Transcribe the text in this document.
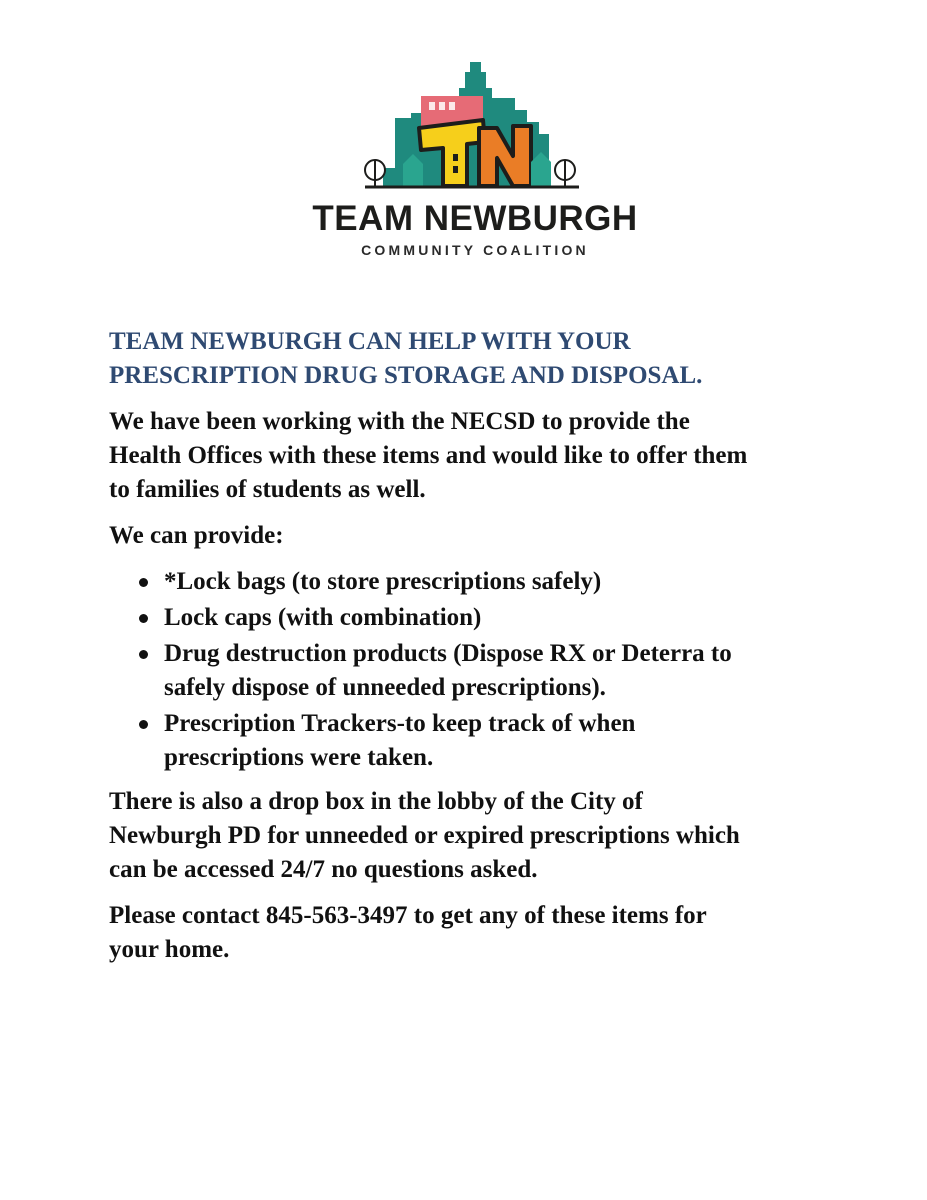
TEAM NEWBURGH
COMMUNITY COALITION
TEAM NEWBURGH CAN HELP WITH YOUR
PRESCRIPTION DRUG STORAGE AND DISPOSAL.

We have been working with the NECSD to provide the
Health Offices with these items and would like to offer them
to families of students as well.

We can provide:

*Lock bags (to store prescriptions safely)
Lock caps (with combination)
Drug destruction products (Dispose RX or Deterra to
safely dispose of unneeded prescriptions).
Prescription Trackers-to keep track of when
prescriptions were taken.

There is also a drop box in the lobby of the City of
Newburgh PD for unneeded or expired prescriptions which
can be accessed 24/7 no questions asked.

Please contact 845-563-3497 to get any of these items for
your home.
